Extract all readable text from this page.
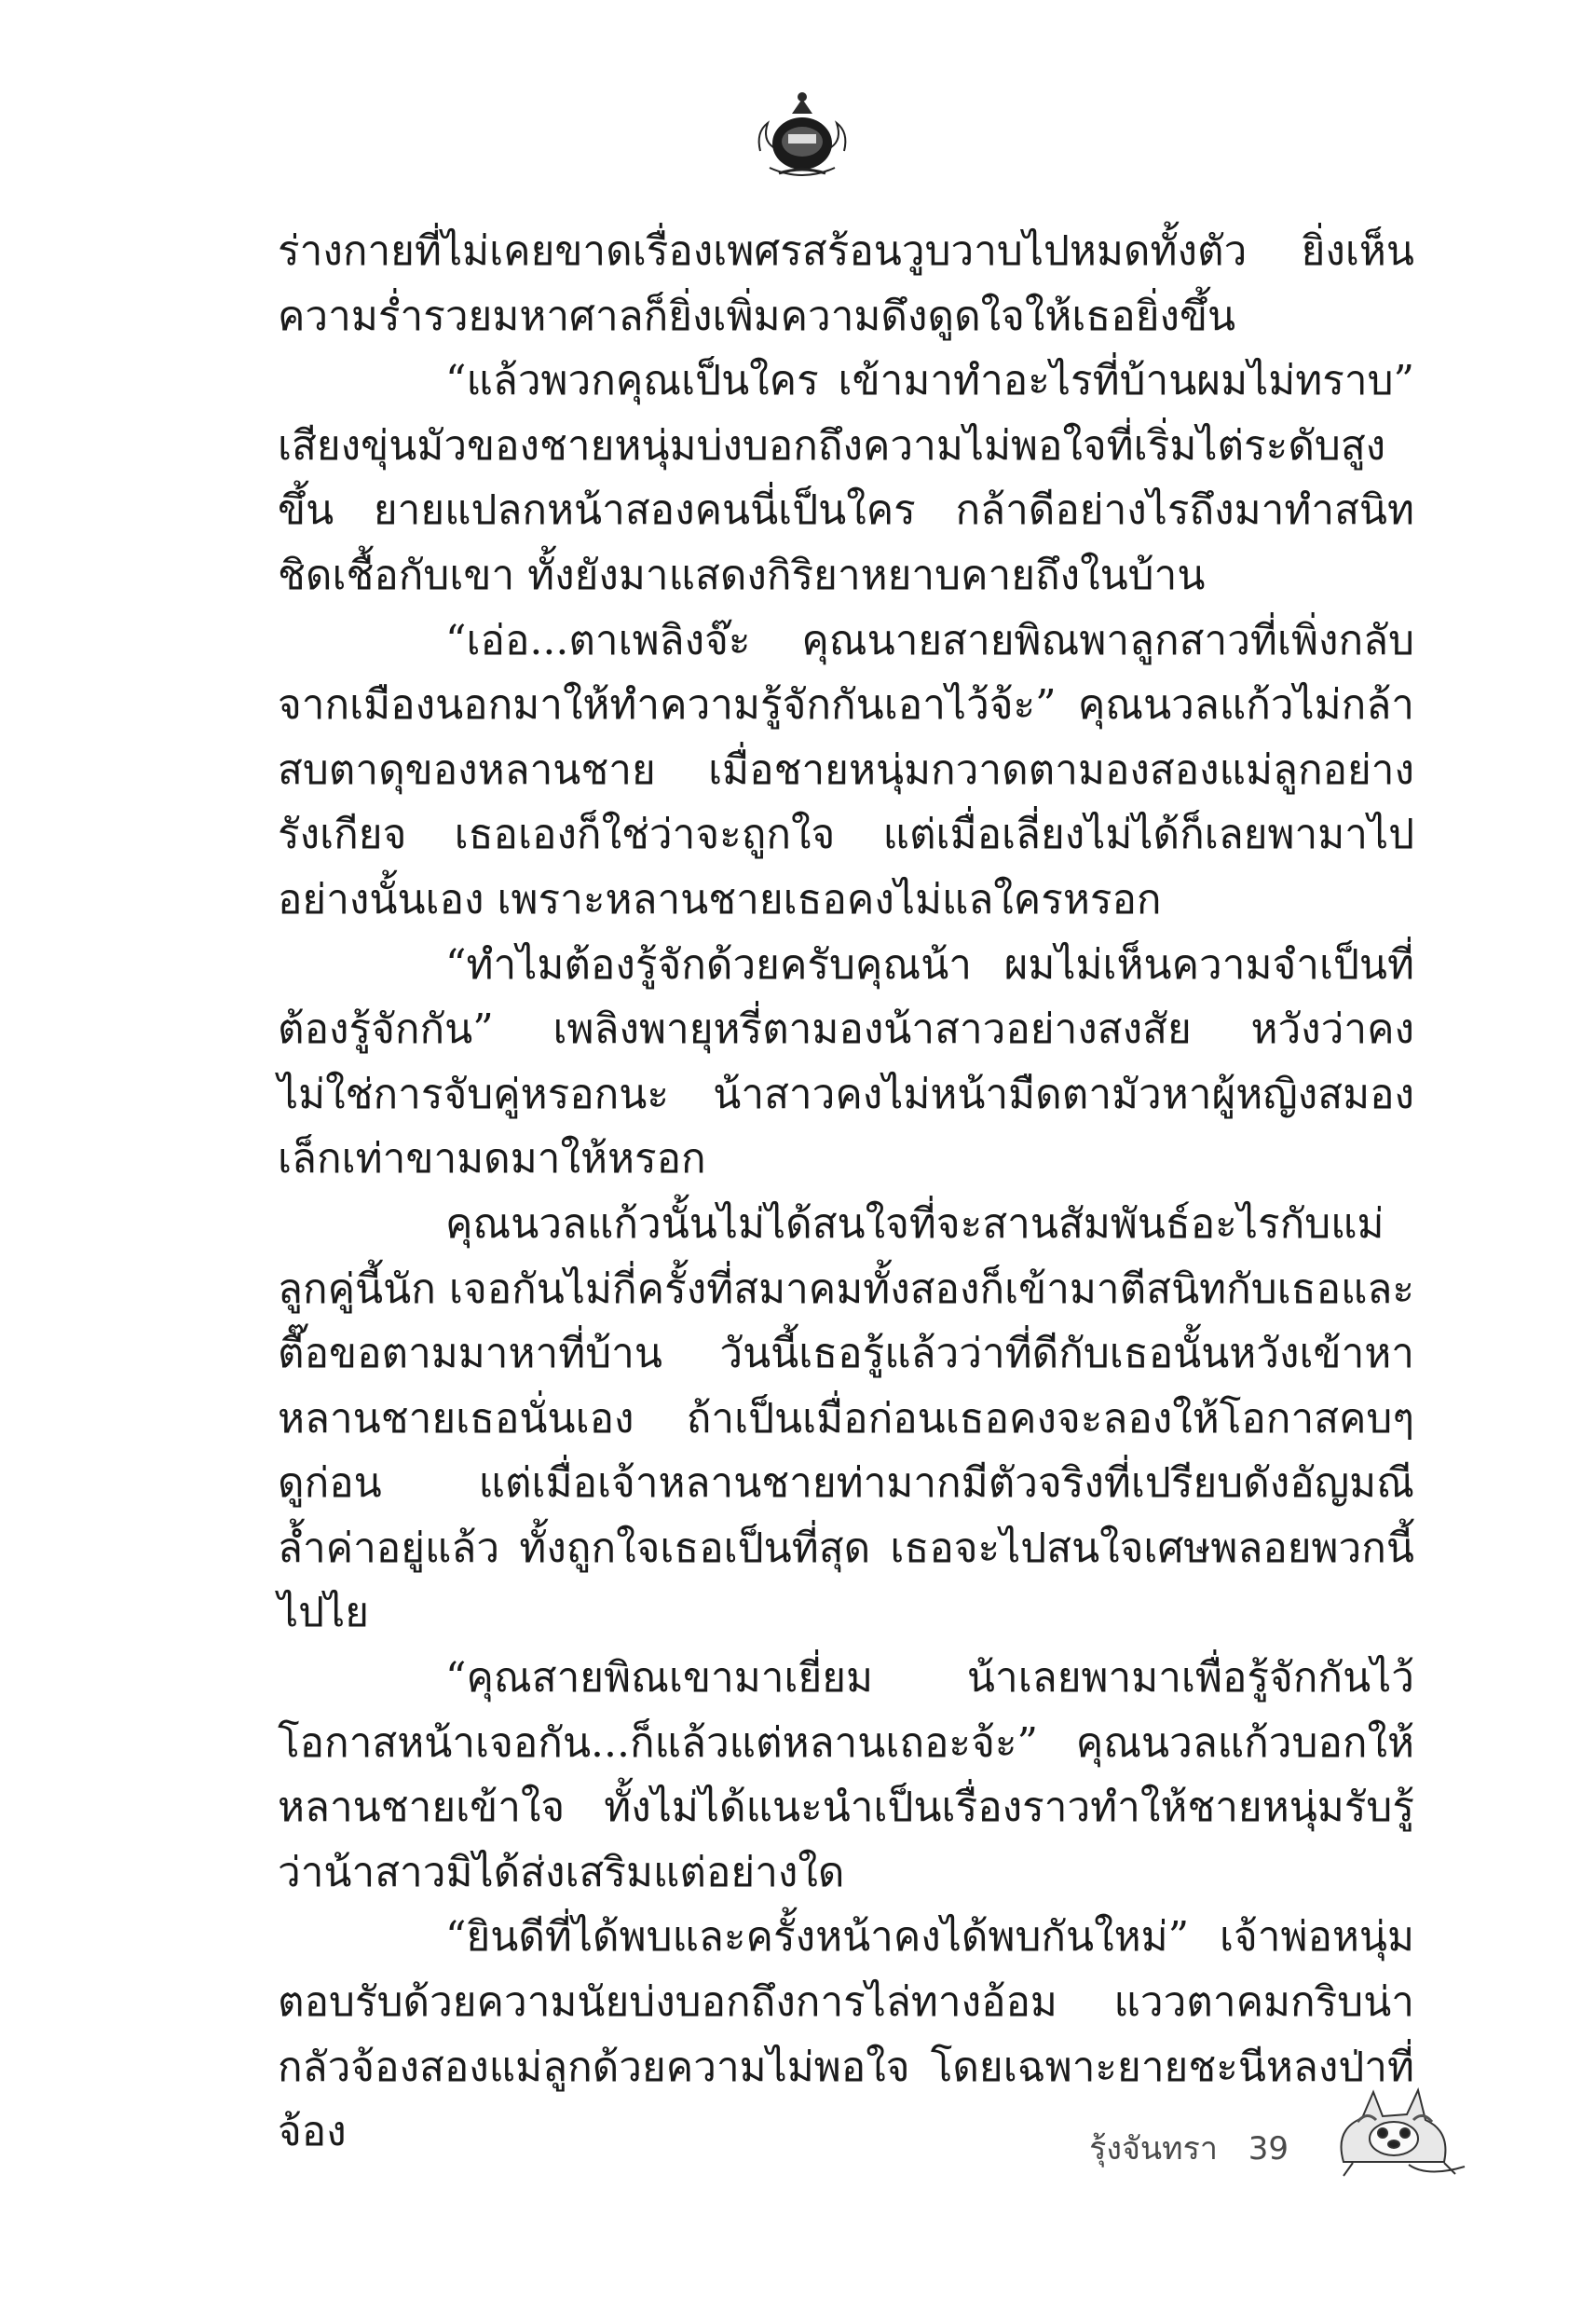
ร่างกายที่ไม่เคยขาดเรื่องเพศรสร้อนวูบวาบไปหมดทั้งตัว ยิ่งเห็นความร่ำรวยมหาศาลก็ยิ่งเพิ่มความดึงดูดใจให้เธอยิ่งขึ้น

“แล้วพวกคุณเป็นใคร เข้ามาทำอะไรที่บ้านผมไม่ทราบ” เสียงขุ่นมัวของชายหนุ่มบ่งบอกถึงความไม่พอใจที่เริ่มไต่ระดับสูงขึ้น ยายแปลกหน้าสองคนนี่เป็นใคร กล้าดีอย่างไรถึงมาทำสนิทชิดเชื้อกับเขา ทั้งยังมาแสดงกิริยาหยาบคายถึงในบ้าน

“เอ่อ...ตาเพลิงจ๊ะ คุณนายสายพิณพาลูกสาวที่เพิ่งกลับจากเมืองนอกมาให้ทำความรู้จักกันเอาไว้จ้ะ” คุณนวลแก้วไม่กล้าสบตาดุของหลานชาย เมื่อชายหนุ่มกวาดตามองสองแม่ลูกอย่างรังเกียจ เธอเองก็ใช่ว่าจะถูกใจ แต่เมื่อเลี่ยงไม่ได้ก็เลยพามาไปอย่างนั้นเอง เพราะหลานชายเธอคงไม่แลใครหรอก

“ทำไมต้องรู้จักด้วยครับคุณน้า ผมไม่เห็นความจำเป็นที่ต้องรู้จักกัน” เพลิงพายุหรี่ตามองน้าสาวอย่างสงสัย หวังว่าคงไม่ใช่การจับคู่หรอกนะ น้าสาวคงไม่หน้ามืดตามัวหาผู้หญิงสมองเล็กเท่าขามดมาให้หรอก

คุณนวลแก้วนั้นไม่ได้สนใจที่จะสานสัมพันธ์อะไรกับแม่ลูกคู่นี้นัก เจอกันไม่กี่ครั้งที่สมาคมทั้งสองก็เข้ามาตีสนิทกับเธอและตื๊อขอตามมาหาที่บ้าน วันนี้เธอรู้แล้วว่าที่ดีกับเธอนั้นหวังเข้าหาหลานชายเธอนั่นเอง ถ้าเป็นเมื่อก่อนเธอคงจะลองให้โอกาสคบๆ ดูก่อน แต่เมื่อเจ้าหลานชายท่ามากมีตัวจริงที่เปรียบดังอัญมณีล้ำค่าอยู่แล้ว ทั้งถูกใจเธอเป็นที่สุด เธอจะไปสนใจเศษพลอยพวกนี้ไปไย

“คุณสายพิณเขามาเยี่ยม น้าเลยพามาเพื่อรู้จักกันไว้ โอกาสหน้าเจอกัน...ก็แล้วแต่หลานเถอะจ้ะ” คุณนวลแก้วบอกให้หลานชายเข้าใจ ทั้งไม่ได้แนะนำเป็นเรื่องราวทำให้ชายหนุ่มรับรู้ว่าน้าสาวมิได้ส่งเสริมแต่อย่างใด

“ยินดีที่ได้พบและครั้งหน้าคงได้พบกันใหม่” เจ้าพ่อหนุ่มตอบรับด้วยความนัยบ่งบอกถึงการไล่ทางอ้อม แววตาคมกริบน่ากลัวจ้องสองแม่ลูกด้วยความไม่พอใจ โดยเฉพาะยายชะนีหลงป่าที่จ้อง	รุ้งจันทรา 39
